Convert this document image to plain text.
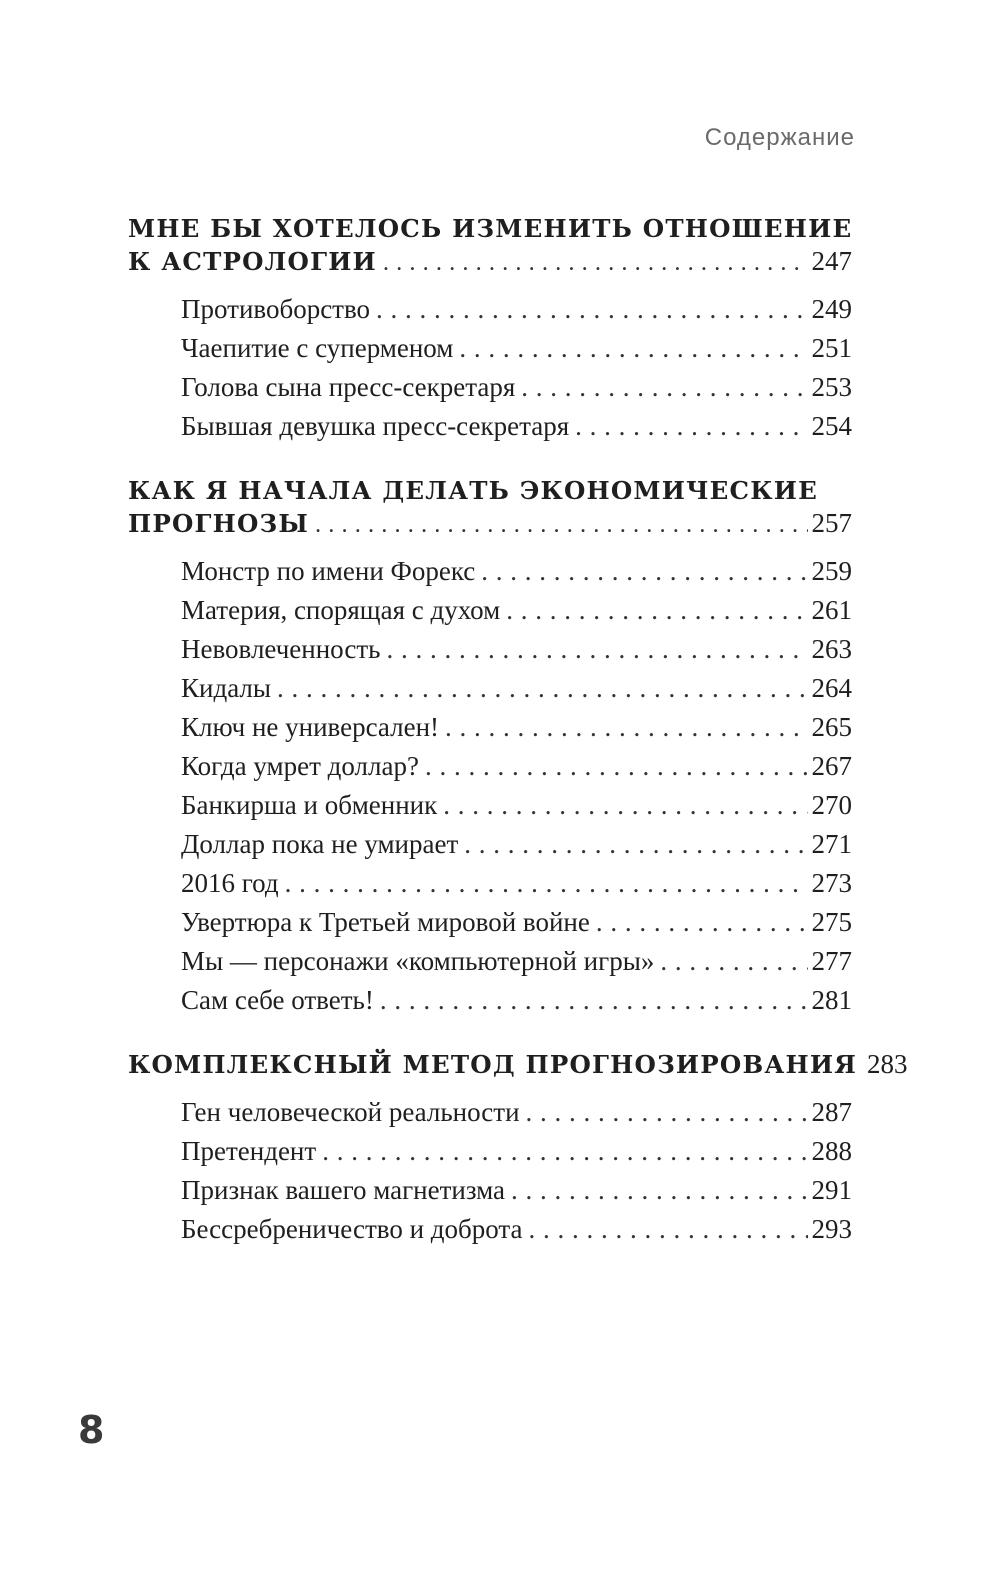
Содержание
МНЕ БЫ ХОТЕЛОСЬ ИЗМЕНИТЬ ОТНОШЕНИЕ
К АСТРОЛОГИИ . . .	247
Противоборство . . .	249
Чаепитие с суперменом . . .	251
Голова сына пресс-секретаря . . .	253
Бывшая девушка пресс-секретаря . . .	254
КАК Я НАЧАЛА ДЕЛАТЬ ЭКОНОМИЧЕСКИЕ
ПРОГНОЗЫ . . .	257
Монстр по имени Форекс . . .	259
Материя, спорящая с духом . . .	261
Невовлеченность . . .	263
Кидалы . . .	264
Ключ не универсален! . . .	265
Когда умрет доллар? . . .	267
Банкирша и обменник . . .	270
Доллар пока не умирает . . .	271
2016 год . . .	273
Увертюра к Третьей мировой войне . . .	275
Мы — персонажи «компьютерной игры» . . .	277
Сам себе ответь! . . .	281
КОМПЛЕКСНЫЙ МЕТОД ПРОГНОЗИРОВАНИЯ 283
Ген человеческой реальности . . .	287
Претендент . . .	288
Признак вашего магнетизма . . .	291
Бессребреничество и доброта . . .	293
8
